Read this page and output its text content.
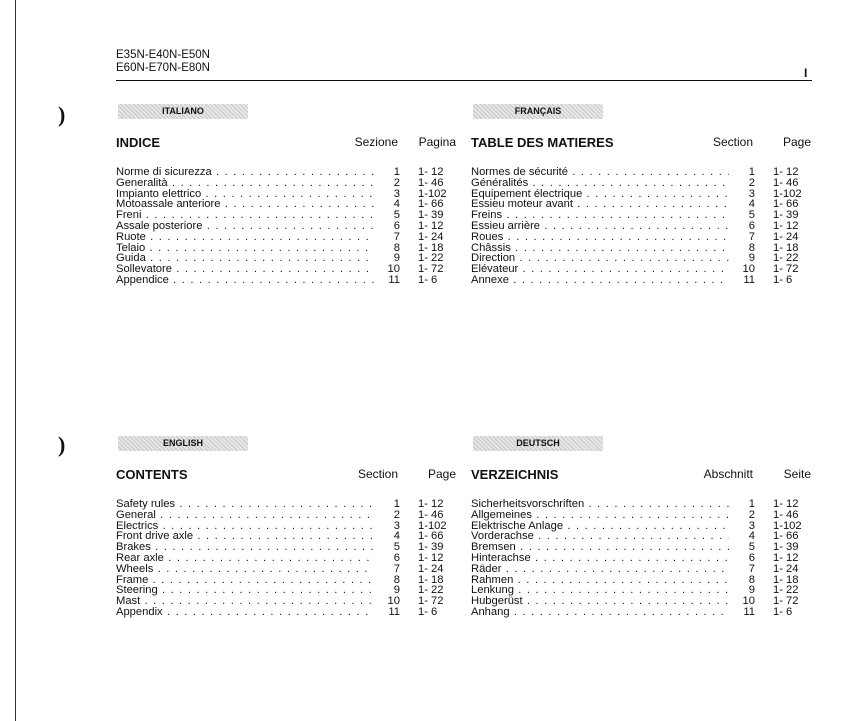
)
)
E35N-E40N-E50N
E60N-E70N-E80N	I
ITALIANO
INDICE	Sezione Pagina
Norme di sicurezza . . .	1	1- 12
Generalità . . .	2	1- 46
Impianto elettrico . . .	3	1-102
Motoassale anteriore . . .	4	1- 66
Freni . . .	5	1- 39
Assale posteriore . . .	6	1- 12
Ruote . . .	7	1- 24
Telaio . . .	8	1- 18
Guida . . .	9	1- 22
Sollevatore . . .	10	1- 72
Appendice . . .	11	1- 6
FRANÇAIS
TABLE DES MATIERES	Section	Page
Normes de sécurité . . .	1	1- 12
Généralités . . .	2	1- 46
Equipement électrique . . .	3	1-102
Essieu moteur avant . . .	4	1- 66
Freins . . .	5	1- 39
Essieu arrière . . .	6	1- 12
Roues . . .	7	1- 24
Châssis . . .	8	1- 18
Direction . . .	9	1- 22
Elévateur . . .	10	1- 72
Annexe . . .	11	1- 6
ENGLISH
CONTENTS	Section	Page
Safety rules . . .	1	1- 12
General . . .	2	1- 46
Electrics . . .	3	1-102
Front drive axle . . .	4	1- 66
Brakes . . .	5	1- 39
Rear axle . . .	6	1- 12
Wheels . . .	7	1- 24
Frame . . .	8	1- 18
Steering . . .	9	1- 22
Mast . . .	10	1- 72
Appendix . . .	11	1- 6
DEUTSCH
VERZEICHNIS	Abschnitt	Seite
Sicherheitsvorschriften . . .	1	1- 12
Allgemeines . . .	2	1- 46
Elektrische Anlage . . .	3	1-102
Vorderachse . . .	4	1- 66
Bremsen . . .	5	1- 39
Hinterachse . . .	6	1- 12
Räder . . .	7	1- 24
Rahmen . . .	8	1- 18
Lenkung . . .	9	1- 22
Hubgerüst . . .	10	1- 72
Anhang . . .	11	1- 6
